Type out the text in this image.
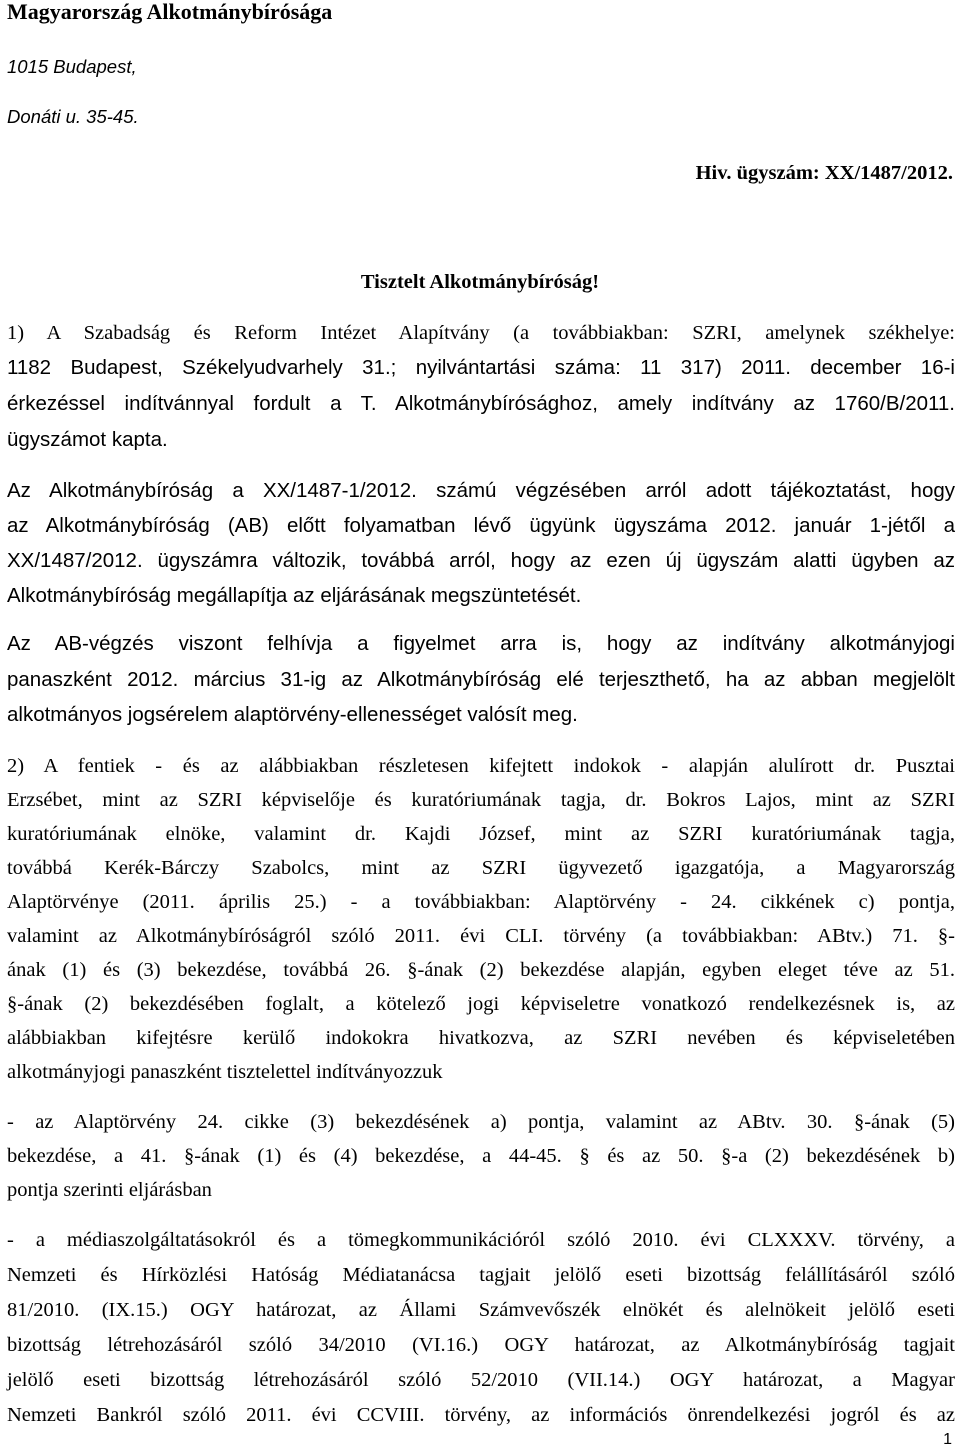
Magyarország Alkotmánybírósága
1015 Budapest,
Donáti u. 35-45.
Hiv. ügyszám: XX/1487/2012.
Tisztelt Alkotmánybíróság!
1) A Szabadság és Reform Intézet Alapítvány (a továbbiakban: SZRI, amelynek székhelye:
1182 Budapest, Székelyudvarhely 31.; nyilvántartási száma: 11 317) 2011. december 16-i
érkezéssel indítvánnyal fordult a T. Alkotmánybírósághoz, amely indítvány az 1760/B/2011.
ügyszámot kapta.
Az Alkotmánybíróság a XX/1487-1/2012. számú végzésében arról adott tájékoztatást, hogy
az Alkotmánybíróság (AB) előtt folyamatban lévő ügyünk ügyszáma 2012. január 1-jétől a
XX/1487/2012. ügyszámra változik, továbbá arról, hogy az ezen új ügyszám alatti ügyben az
Alkotmánybíróság megállapítja az eljárásának megszüntetését.
Az AB-végzés viszont felhívja a figyelmet arra is, hogy az indítvány alkotmányjogi
panaszként 2012. március 31-ig az Alkotmánybíróság elé terjeszthető, ha az abban megjelölt
alkotmányos jogsérelem alaptörvény-ellenességet valósít meg.
2) A fentiek - és az alábbiakban részletesen kifejtett indokok - alapján alulírott dr. Pusztai
Erzsébet, mint az SZRI képviselője és kuratóriumának tagja, dr. Bokros Lajos, mint az SZRI
kuratóriumának elnöke, valamint dr. Kajdi József, mint az SZRI kuratóriumának tagja,
továbbá Kerék-Bárczy Szabolcs, mint az SZRI ügyvezető igazgatója, a Magyarország
Alaptörvénye (2011. április 25.) - a továbbiakban: Alaptörvény - 24. cikkének c) pontja,
valamint az Alkotmánybíróságról szóló 2011. évi CLI. törvény (a továbbiakban: ABtv.) 71. §-
ának (1) és (3) bekezdése, továbbá 26. §-ának (2) bekezdése alapján, egyben eleget téve az 51.
§-ának (2) bekezdésében foglalt, a kötelező jogi képviseletre vonatkozó rendelkezésnek is, az
alábbiakban kifejtésre kerülő indokokra hivatkozva, az SZRI nevében és képviseletében
alkotmányjogi panaszként tisztelettel indítványozzuk
- az Alaptörvény 24. cikke (3) bekezdésének a) pontja, valamint az ABtv. 30. §-ának (5)
bekezdése, a 41. §-ának (1) és (4) bekezdése, a 44-45. § és az 50. §-a (2) bekezdésének b)
pontja szerinti eljárásban
- a médiaszolgáltatásokról és a tömegkommunikációról szóló 2010. évi CLXXXV. törvény, a
Nemzeti és Hírközlési Hatóság Médiatanácsa tagjait jelölő eseti bizottság felállításáról szóló
81/2010. (IX.15.) OGY határozat, az Állami Számvevőszék elnökét és alelnökeit jelölő eseti
bizottság létrehozásáról szóló 34/2010 (VI.16.) OGY határozat, az Alkotmánybíróság tagjait
jelölő eseti bizottság létrehozásáról szóló 52/2010 (VII.14.) OGY határozat, a Magyar
Nemzeti Bankról szóló 2011. évi CCVIII. törvény, az információs önrendelkezési jogról és az
1
